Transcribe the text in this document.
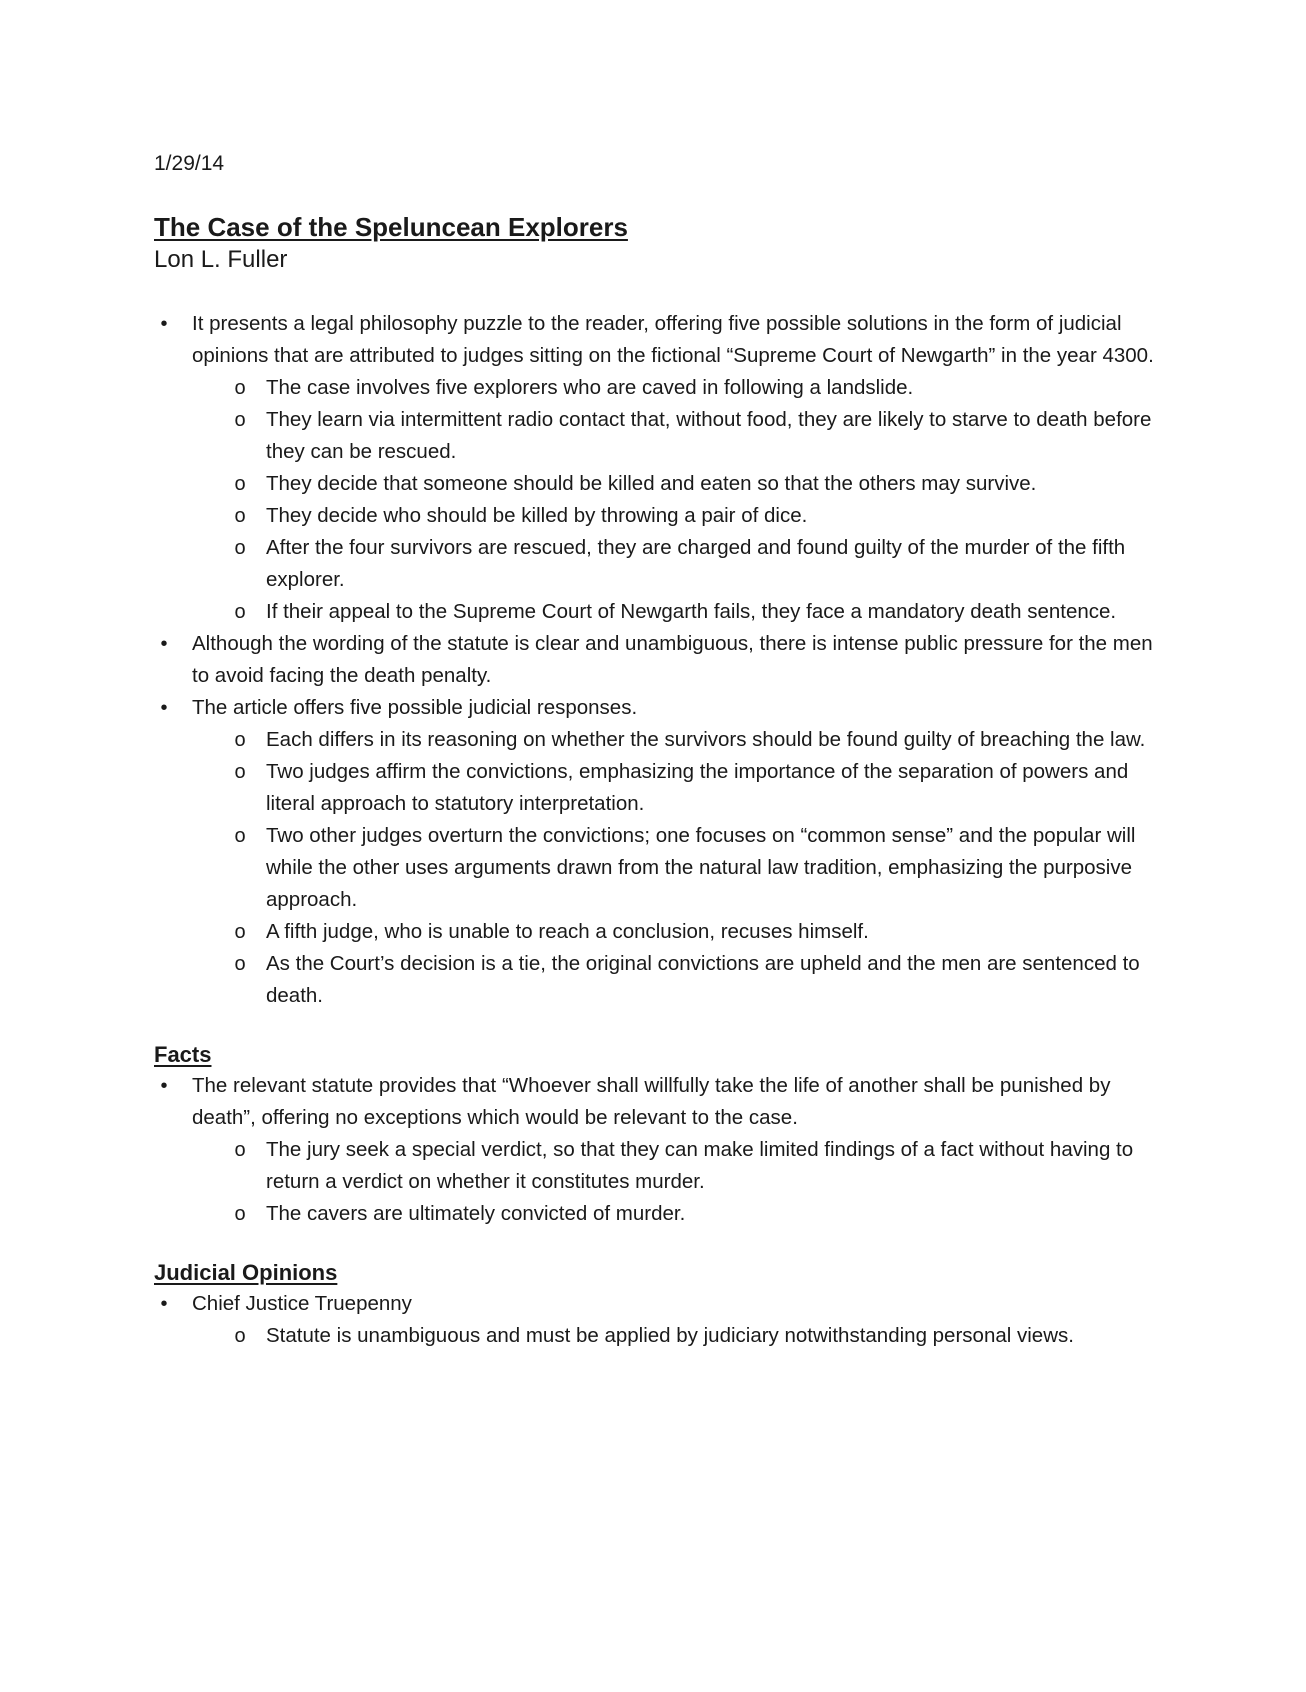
1/29/14
The Case of the Speluncean Explorers
Lon L. Fuller
•	It presents a legal philosophy puzzle to the reader, offering five possible solutions in the form of judicial opinions that are attributed to judges sitting on the fictional “Supreme Court of Newgarth” in the year 4300.
o The case involves five explorers who are caved in following a landslide.
o They learn via intermittent radio contact that, without food, they are likely to starve to death before they can be rescued.
o They decide that someone should be killed and eaten so that the others may survive.
o They decide who should be killed by throwing a pair of dice.
o After the four survivors are rescued, they are charged and found guilty of the murder of the fifth explorer.
o If their appeal to the Supreme Court of Newgarth fails, they face a mandatory death sentence.
•	Although the wording of the statute is clear and unambiguous, there is intense public pressure for the men to avoid facing the death penalty.
•	The article offers five possible judicial responses.
o Each differs in its reasoning on whether the survivors should be found guilty of breaching the law.
o Two judges affirm the convictions, emphasizing the importance of the separation of powers and literal approach to statutory interpretation.
o Two other judges overturn the convictions; one focuses on “common sense” and the popular will while the other uses arguments drawn from the natural law tradition, emphasizing the purposive approach.
o A fifth judge, who is unable to reach a conclusion, recuses himself.
o As the Court’s decision is a tie, the original convictions are upheld and the men are sentenced to death.
Facts
•	The relevant statute provides that “Whoever shall willfully take the life of another shall be punished by death”, offering no exceptions which would be relevant to the case.
o The jury seek a special verdict, so that they can make limited findings of a fact without having to return a verdict on whether it constitutes murder.
o The cavers are ultimately convicted of murder.
Judicial Opinions
•	Chief Justice Truepenny
o Statute is unambiguous and must be applied by judiciary notwithstanding personal views.
